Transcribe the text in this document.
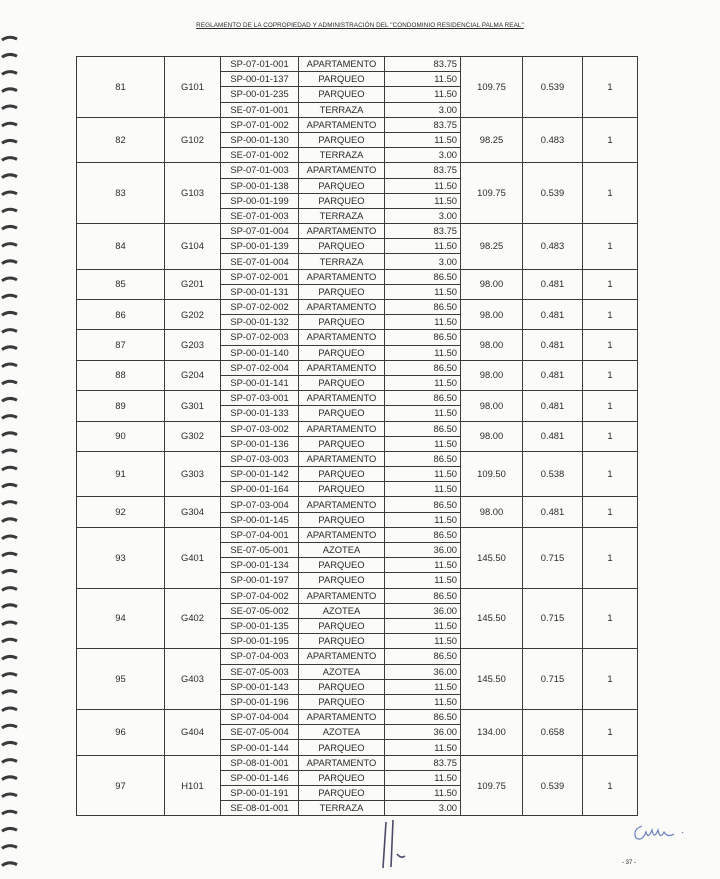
REGLAMENTO DE LA COPROPIEDAD Y ADMINISTRACIÓN DEL "CONDOMINIO RESIDENCIAL PALMA REAL"
81	G101	SP-07-01-001	APARTAMENTO	83.75	109.75	0.539	1
		SP-00-01-137	PARQUEO	11.50			
		SP-00-01-235	PARQUEO	11.50			
		SE-07-01-001	TERRAZA	3.00			
82	G102	SP-07-01-002	APARTAMENTO	83.75	98.25	0.483	1
		SP-00-01-130	PARQUEO	11.50			
		SE-07-01-002	TERRAZA	3.00			
83	G103	SP-07-01-003	APARTAMENTO	83.75	109.75	0.539	1
		SP-00-01-138	PARQUEO	11.50			
		SP-00-01-199	PARQUEO	11.50			
		SE-07-01-003	TERRAZA	3.00			
84	G104	SP-07-01-004	APARTAMENTO	83.75	98.25	0.483	1
		SP-00-01-139	PARQUEO	11.50			
		SE-07-01-004	TERRAZA	3.00			
85	G201	SP-07-02-001	APARTAMENTO	86.50	98.00	0.481	1
		SP-00-01-131	PARQUEO	11.50			
86	G202	SP-07-02-002	APARTAMENTO	86.50	98.00	0.481	1
		SP-00-01-132	PARQUEO	11.50			
87	G203	SP-07-02-003	APARTAMENTO	86.50	98.00	0.481	1
		SP-00-01-140	PARQUEO	11.50			
88	G204	SP-07-02-004	APARTAMENTO	86.50	98.00	0.481	1
		SP-00-01-141	PARQUEO	11.50			
89	G301	SP-07-03-001	APARTAMENTO	86.50	98.00	0.481	1
		SP-00-01-133	PARQUEO	11.50			
90	G302	SP-07-03-002	APARTAMENTO	86.50	98.00	0.481	1
		SP-00-01-136	PARQUEO	11.50			
91	G303	SP-07-03-003	APARTAMENTO	86.50	109.50	0.538	1
		SP-00-01-142	PARQUEO	11.50			
		SP-00-01-164	PARQUEO	11.50			
92	G304	SP-07-03-004	APARTAMENTO	86.50	98.00	0.481	1
		SP-00-01-145	PARQUEO	11.50			
93	G401	SP-07-04-001	APARTAMENTO	86.50	145.50	0.715	1
		SE-07-05-001	AZOTEA	36.00			
		SP-00-01-134	PARQUEO	11.50			
		SP-00-01-197	PARQUEO	11.50			
94	G402	SP-07-04-002	APARTAMENTO	86.50	145.50	0.715	1
		SE-07-05-002	AZOTEA	36.00			
		SP-00-01-135	PARQUEO	11.50			
		SP-00-01-195	PARQUEO	11.50			
95	G403	SP-07-04-003	APARTAMENTO	86.50	145.50	0.715	1
		SE-07-05-003	AZOTEA	36.00			
		SP-00-01-143	PARQUEO	11.50			
		SP-00-01-196	PARQUEO	11.50			
96	G404	SP-07-04-004	APARTAMENTO	86.50	134.00	0.658	1
		SE-07-05-004	AZOTEA	36.00			
		SP-00-01-144	PARQUEO	11.50			
97	H101	SP-08-01-001	APARTAMENTO	83.75	109.75	0.539	1
		SP-00-01-146	PARQUEO	11.50			
		SP-00-01-191	PARQUEO	11.50			
		SE-08-01-001	TERRAZA	3.00			
- 37 -
